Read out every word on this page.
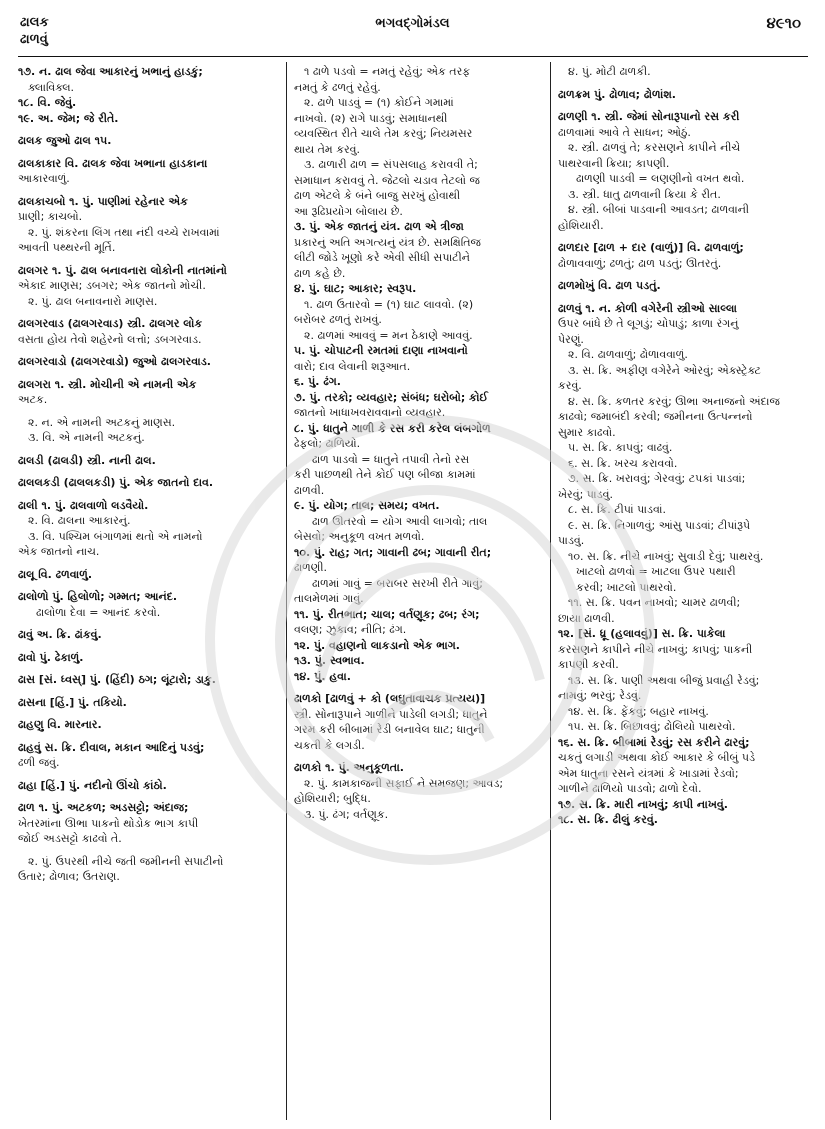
ઢાલક
ઢાળવું
ભગવદ્ગોમંડલ	૪૯૧૦
૧૭. ન. ઢાલ જેવા આકારનું ખભાનું હાડકું;
ક્લાવિક્લ.
૧૮. વિ. જેવું.
૧૯. અ. જેમ; જે રીતે.
ઢાલક જુઓ ઢાલ ૧૫.
ઢાલકાકાર વિ. ઢાલક જેવા ખભાના હાડકાના
આકારવાળું.
ઢાલકાચબો ૧. પું. પાણીમાં રહેનાર એક
પ્રાણી; કાચબો.
૨. પું. શંકરના લિંગ તથા નંદી વચ્ચે રાખવામાં
આવતી પથ્થરની મૂર્તિ.
ઢાલગર ૧. પું. ઢાલ બનાવનારા લોકોની નાતમાંનો
એકાદ માણસ; ડબગર; એક જાતનો મોચી.
૨. પું. ઢાલ બનાવનારો માણસ.
ઢાલગરવાડ (ઢાલગરવાડ) સ્ત્રી. ઢાલગર લોક
વસતા હોય તેવો શહેરનો લત્તો; ડબગરવાડ.
ઢાલગરવાડો (ઢાલગરવાડો) જુઓ ઢાલગરવાડ.
ઢાલગરા ૧. સ્ત્રી. મોચીની એ નામની એક
અટક.
૨. ન. એ નામની અટકનું માણસ.
૩. વિ. એ નામની અટકનું.
ઢાલડી (ઢાલડી) સ્ત્રી. નાની ઢાલ.
ઢાલલકડી (ઢાલલકડી) પું. એક જાતનો દાવ.
ઢાલી ૧. પું. ઢાલવાળો લડવૈયો.
૨. વિ. ઢાલના આકારનું.
૩. વિ. પશ્ચિમ બંગાળમાં થતો એ નામનો
એક જાતનો નાચ.
ઢાલૂ વિ. ઢળવાળું.
ઢાલોળો પું. હિલોળો; ગમ્મત; આનંદ.
ઢાલોળા દેવા = આનંદ કરવો.
ઢાવું અ. ક્રિ. ઢાંકવું.
ઢાવો પું. ઢેકાળું.
ઢાસ [સં. ધ્વસ્] પું. (હિંદી) ઠગ; લૂંટારો; ડાકુ.
ઢાસના [હિં.] પું. તકિયો.
ઢાહણુ વિ. મારનાર.
ઢાહવું સ. ક્રિ. દીવાલ, મકાન આદિનું પડવું;
ઢળી જવું.
ઢાહા [હિં.] પું. નદીનો ઊંચો કાંઠો.
ઢાળ ૧. પું. અટકળ; અડસટ્ટો; અંદાજ;
ખેતરમાંના ઊભા પાકનો થોડોક ભાગ કાપી
જોઈ અડસટ્ટો કાઢવો તે.
૨. પું. ઉપરથી નીચે જતી જમીનની સપાટીનો
ઉતાર; ઢોળાવ; ઉતરાણ.
૧ ઢાળે પડવો = નમતું રહેવું; એક તરફ
નમતું કે ઢળતું રહેવું.
૨. ઢાળે પાડવું = (૧) કોઈને ગમામાં
નાખવો. (૨) રાગે પાડવું; સમાધાનથી
વ્યવસ્થિત રીતે ચાલે તેમ કરવું; નિયમસર
થાય તેમ કરવું.
૩. ઢાળારી ઢાળ = સંપસલાહ કરાવવી તે;
સમાધાન કરાવવું તે. જેટલો ચડાવ તેટલો જ
ઢાળ એટલે કે બંને બાજુ સરખું હોવાથી
આ રૂઢિપ્રયોગ બોલાય છે.
૩. પું. એક જાતનું યંત્ર. ઢાળ એ ત્રીજા
પ્રકારનું અતિ અગત્યનું યંત્ર છે. સમક્ષિતિજ
લીટી જોડે ખૂણો કરે એવી સીધી સપાટીને
ઢાળ કહે છે.
૪. પું. ઘાટ; આકાર; સ્વરૂપ.
૧. ઢાળ ઉતારવો = (૧) ઘાટ લાવવો. (૨)
બરોબર ઢળતું રાખવું.
૨. ઢાળમાં આવવું = મન ઠેકાણે આવવું.
૫. પું. ચોપાટની રમતમાં દાણા નાખવાનો
વારો; દાવ લેવાની શરૂઆત.
૬. પું. ઢંગ.
૭. પું. તરકો; વ્યવહાર; સંબંધ; ઘરોબો; કોઈ
જાતનો ખાધાખવરાવવાનો વ્યવહાર.
૮. પું. ધાતુને ગાળી કે રસ કરી કરેલ લંબગોળ
ઢેફલો; ઢાળિયો.
ઢાળ પાડવો = ધાતુને તપાવી તેનો રસ
કરી પાછળથી તેને કોઈ પણ બીજા કામમાં
ઢાળવી.
૯. પું. યોગ; તાલ; સમય; વખત.
ઢાળ ઊતરવો = યોગ આવી લાગવો; તાલ
બેસવો; અનુકૂળ વખત મળવો.
૧૦. પું. રાહ; ગત; ગાવાની ઢબ; ગાવાની રીત;
ઢાળણી.
ઢાળમાં ગાવું = બરાબર સરખી રીતે ગાવું;
તાલમેળમાં ગાવું.
૧૧. પું. રીતભાત; ચાલ; વર્તણૂક; ઢબ; રંગ;
વલણ; ઝુકાવ; નીતિ; ઢંગ.
૧૨. પું. વહાણનો લાકડાનો એક ભાગ.
૧૩. પું. સ્વભાવ.
૧૪. પું. હવા.
ઢાળકો [ઢાળવું + કો (લઘુતાવાચક પ્રત્યય)]
સ્ત્રી. સોનારૂપાને ગાળીને પાડેલી લગડી; ધાતુને
ગરમ કરી બીબામાં રેડી બનાવેલ ઘાટ; ધાતુની
ચકતી કે લગડી.
ઢાળકો ૧. પું. અનુકૂળતા.
૨. પું. કામકાજની સફાઈ ને સમજણ; આવડ;
હોશિયારી; બુદ્ધિ.
૩. પું. ઢંગ; વર્તણૂક.
૪. પું. મોટી ઢાળકી.
ઢાળક્રમ પું. ઢોળાવ; ઢોળાંશ.
ઢાળણી ૧. સ્ત્રી. જેમાં સોનારૂપાનો રસ કરી
ઢાળવામાં આવે તે સાધન; ઓઠું.
૨. સ્ત્રી. ઢાળવું તે; કરસણને કાપીને નીચે
પાથરવાની ક્રિયા; કાપણી.
ઢાળણી પાડવી = લણણીનો વખત થવો.
૩. સ્ત્રી. ધાતુ ઢાળવાની ક્રિયા કે રીત.
૪. સ્ત્રી. બીબાં પાડવાની આવડત; ઢાળવાની
હોશિયારી.
ઢાળદાર [ઢાળ + દાર (વાળું)] વિ. ઢાળવાળું;
ઢોળાવવાળું; ઢળતું; ઢાળ પડતું; ઊતરતું.
ઢાળમોખું વિ. ઢાળ પડતું.
ઢાળવું ૧. ન. કોળી વગેરેની સ્ત્રીઓ સાલ્લા
ઉપર બાંધે છે તે લૂગડું; ચોપાડું; કાળા રંગનું
પેરણું.
૨. વિ. ઢાળવાળું; ઢોળાવવાળું.
૩. સ. ક્રિ. અફીણ વગેરેને ઓરવું; એક્સ્ટ્રેક્ટ
કરવું.
૪. સ. ક્રિ. કળતર કરવું; ઊભા અનાજનો અંદાજ
કાઢવો; જમાબંદી કરવી; જમીનના ઉત્પન્નનો
સુમાર કાઢવો.
૫. સ. ક્રિ. કાપવું; વાઢવું.
૬. સ. ક્રિ. ખરચ કરાવવો.
૭. સ. ક્રિ. ખરાવવું; ગેરવવું; ટપકાં પાડવાં;
ખેરવું; પાડવું.
૮. સ. ક્રિ. ટીપાં પાડવાં.
૯. સ. ક્રિ. નિગાળવું; આંસુ પાડવાં; ટીપાંરૂપે
પાડવું.
૧૦. સ. ક્રિ. નીચે નાખવું; સુવાડી દેવું; પાથરવું.
ખાટલો ઢાળવો = ખાટલા ઉપર પથારી
કરવી; ખાટલો પાથરવો.
૧૧. સ. ક્રિ. પવન નાખવો; ચામર ઢાળવી;
છાયા ઢાળવી.
૧૨. [સં. ધ્રૂ (હલાવવું)] સ. ક્રિ. પાકેલા
કરસણને કાપીને નીચે નાખવું; કાપવું; પાકની
કાપણી કરવી.
૧૩. સ. ક્રિ. પાણી અથવા બીજું પ્રવાહી રેડવું;
નામવું; ભરવું; રેડવું.
૧૪. સ. ક્રિ. ફેંકવું; બહાર નાખવું.
૧૫. સ. ક્રિ. બિછાવવું; ઢોલિયો પાથરવો.
૧૬. સ. ક્રિ. બીબામાં રેડવું; રસ કરીને ઢારવું;
ચકતું લગાડી અથવા કોઈ આકાર કે બીબું પડે
એમ ધાતુના રસને યંત્રમાં કે ખાડામાં રેડવો;
ગાળીને ઢાળિયો પાડવો; ઢાળો દેવો.
૧૭. સ. ક્રિ. મારી નાખવું; કાપી નાખવું.
૧૮. સ. ક્રિ. ઢીલું કરવું.
